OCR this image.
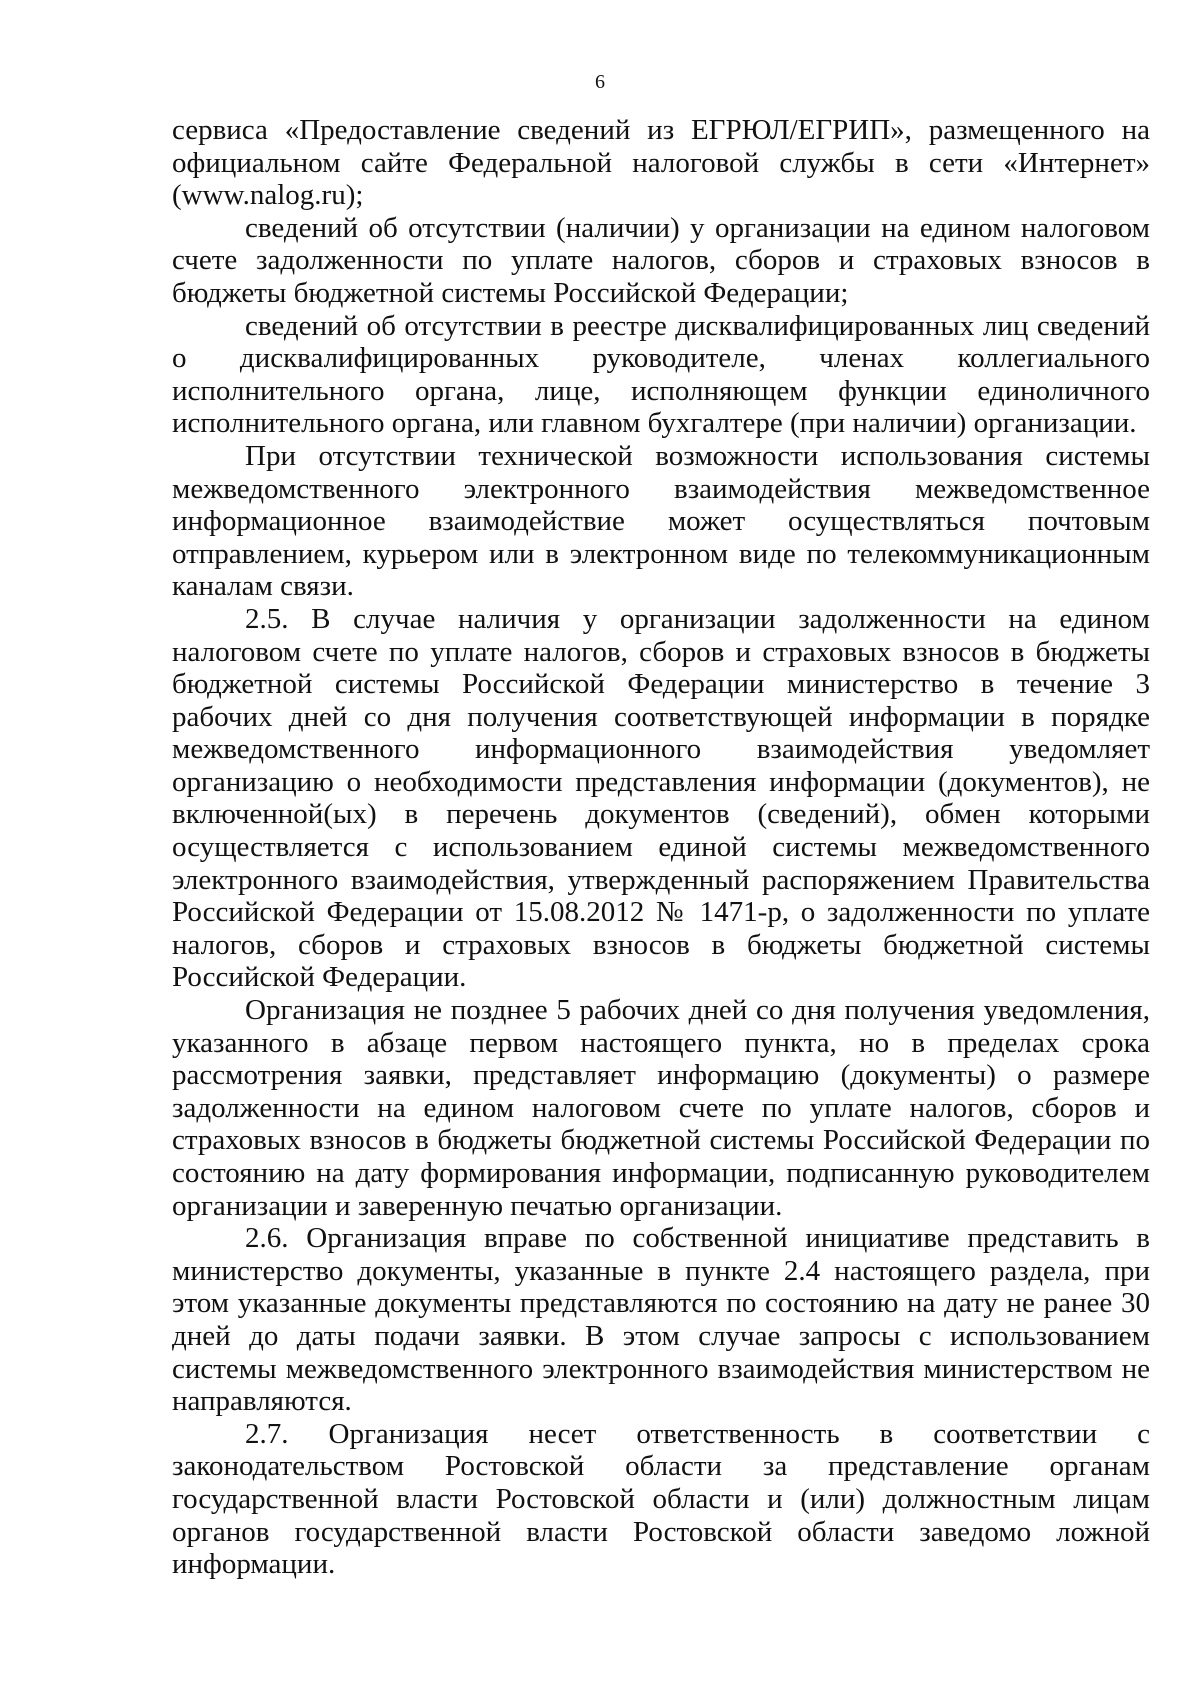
6

сервиса «Предоставление сведений из ЕГРЮЛ/ЕГРИП», размещенного на официальном сайте Федеральной налоговой службы в сети «Интернет» (www.nalog.ru);

сведений об отсутствии (наличии) у организации на едином налоговом счете задолженности по уплате налогов, сборов и страховых взносов в бюджеты бюджетной системы Российской Федерации;

сведений об отсутствии в реестре дисквалифицированных лиц сведений о дисквалифицированных руководителе, членах коллегиального исполнительного органа, лице, исполняющем функции единоличного исполнительного органа, или главном бухгалтере (при наличии) организации.

При отсутствии технической возможности использования системы межведомственного электронного взаимодействия межведомственное информационное взаимодействие может осуществляться почтовым отправлением, курьером или в электронном виде по телекоммуникационным каналам связи.

2.5. В случае наличия у организации задолженности на едином налоговом счете по уплате налогов, сборов и страховых взносов в бюджеты бюджетной системы Российской Федерации министерство в течение 3 рабочих дней со дня получения соответствующей информации в порядке межведомственного информационного взаимодействия уведомляет организацию о необходимости представления информации (документов), не включенной(ых) в перечень документов (сведений), обмен которыми осуществляется с использованием единой системы межведомственного электронного взаимодействия, утвержденный распоряжением Правительства Российской Федерации от 15.08.2012 № 1471-р, о задолженности по уплате налогов, сборов и страховых взносов в бюджеты бюджетной системы Российской Федерации.

Организация не позднее 5 рабочих дней со дня получения уведомления, указанного в абзаце первом настоящего пункта, но в пределах срока рассмотрения заявки, представляет информацию (документы) о размере задолженности на едином налоговом счете по уплате налогов, сборов и страховых взносов в бюджеты бюджетной системы Российской Федерации по состоянию на дату формирования информации, подписанную руководителем организации и заверенную печатью организации.

2.6. Организация вправе по собственной инициативе представить в министерство документы, указанные в пункте 2.4 настоящего раздела, при этом указанные документы представляются по состоянию на дату не ранее 30 дней до даты подачи заявки. В этом случае запросы с использованием системы межведомственного электронного взаимодействия министерством не направляются.

2.7. Организация несет ответственность в соответствии с законодательством Ростовской области за представление органам государственной власти Ростовской области и (или) должностным лицам органов государственной власти Ростовской области заведомо ложной информации.
